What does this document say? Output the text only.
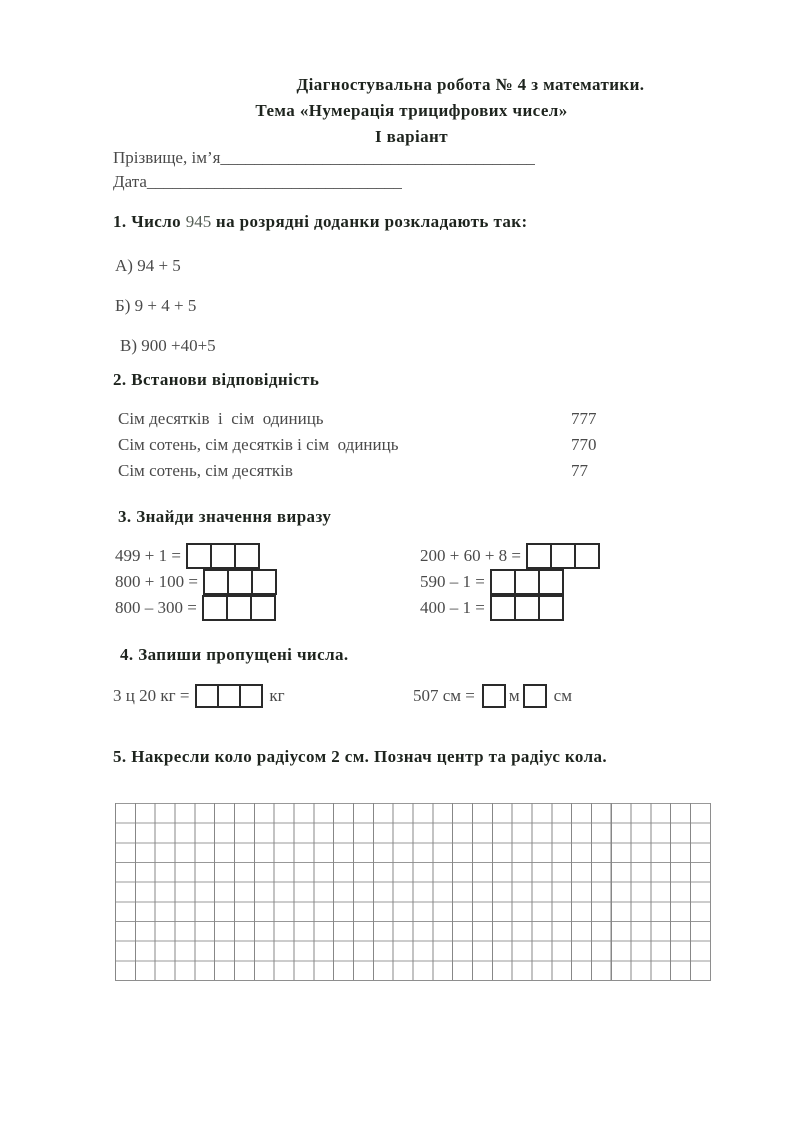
Діагностувальна робота № 4 з математики.
Тема «Нумерація трицифрових чисел»
І варіант
Прізвище, ім’я_____________________________________
Дата______________________________
1. Число 945 на розрядні доданки розкладають так:
А) 94 + 5
Б) 9 + 4 + 5
В) 900 +40+5
2. Встанови відповідність
Сім десятків  і  сім  одиниць	777
Сім сотень, сім десятків і сім  одиниць	770
Сім сотень, сім десятків	77
3. Знайди значення виразу
499 + 1 =
800 + 100 =
800 – 300 =
200 + 60 + 8 =
590 – 1 =
400 – 1 =
4. Запиши пропущені числа.
3 ц 20 кг =	кг	507 см = м см
5. Накресли коло радіусом 2 см. Познач центр та радіус кола.
